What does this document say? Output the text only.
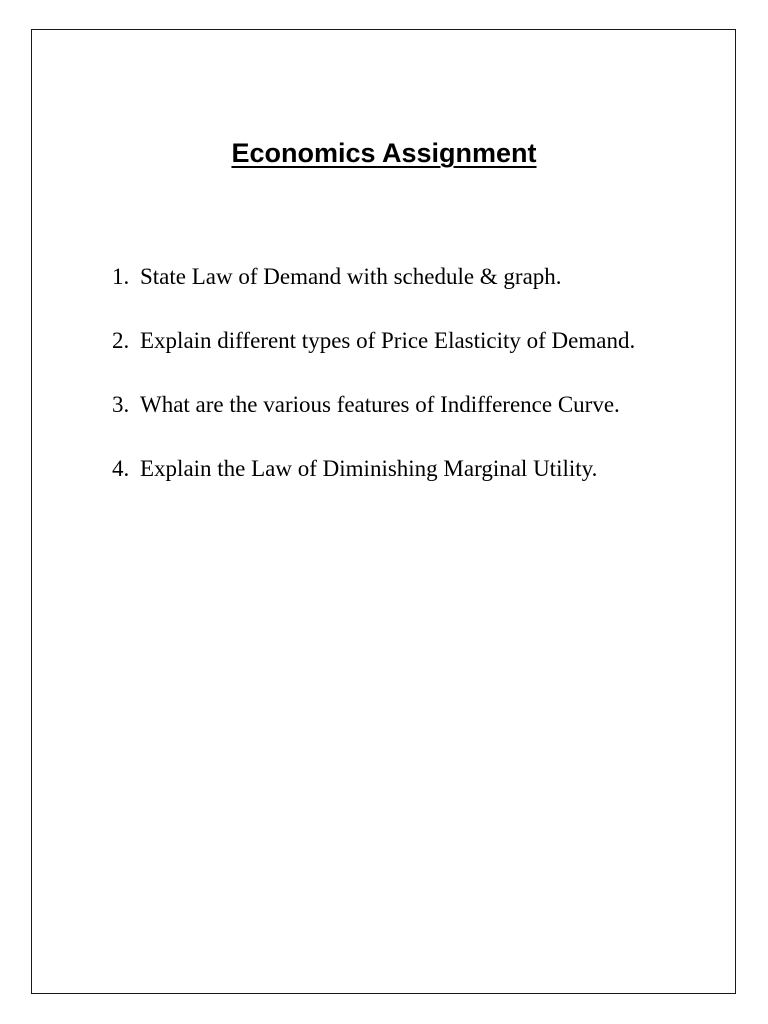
Economics Assignment
1. State Law of Demand with schedule & graph.
2. Explain different types of Price Elasticity of Demand.
3. What are the various features of Indifference Curve.
4. Explain the Law of Diminishing Marginal Utility.
